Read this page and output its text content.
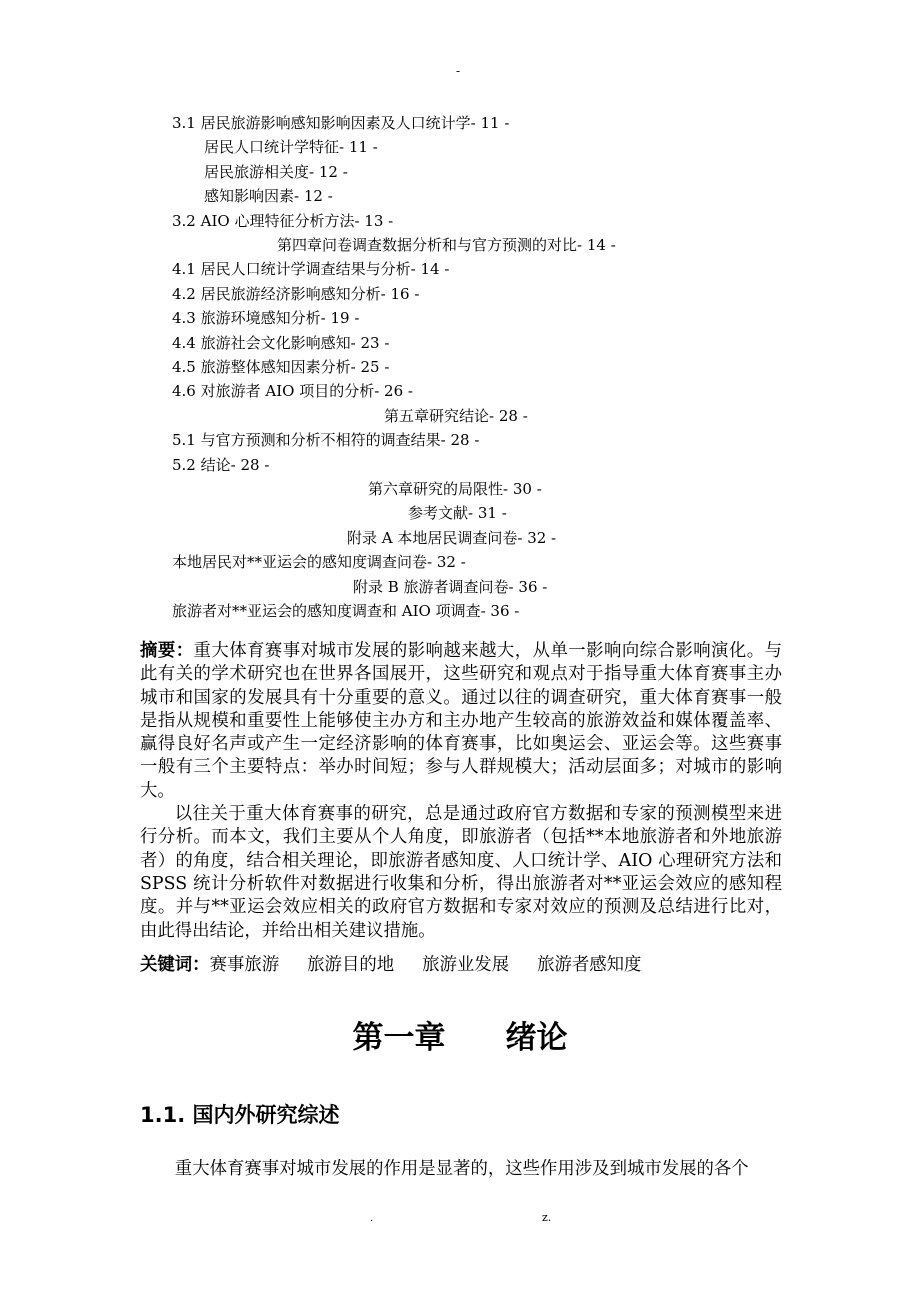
-
3.1 居民旅游影响感知影响因素及人口统计学- 11 -
居民人口统计学特征- 11 -
居民旅游相关度- 12 -
感知影响因素- 12 -
3.2 AIO 心理特征分析方法- 13 -
第四章问卷调查数据分析和与官方预测的对比- 14 -
4.1 居民人口统计学调查结果与分析- 14 -
4.2 居民旅游经济影响感知分析- 16 -
4.3 旅游环境感知分析- 19 -
4.4 旅游社会文化影响感知- 23 -
4.5 旅游整体感知因素分析- 25 -
4.6 对旅游者 AIO 项目的分析- 26 -
第五章研究结论- 28 -
5.1 与官方预测和分析不相符的调查结果- 28 -
5.2 结论- 28 -
第六章研究的局限性- 30 -
参考文献- 31 -
附录 A 本地居民调查问卷- 32 -
本地居民对**亚运会的感知度调查问卷- 32 -
附录 B 旅游者调查问卷- 36 -
旅游者对**亚运会的感知度调查和 AIO 项调查- 36 -

摘要：重大体育赛事对城市发展的影响越来越大，从单一影响向综合影响演化。与此有关的学术研究也在世界各国展开，这些研究和观点对于指导重大体育赛事主办城市和国家的发展具有十分重要的意义。通过以往的调查研究，重大体育赛事一般是指从规模和重要性上能够使主办方和主办地产生较高的旅游效益和媒体覆盖率、赢得良好名声或产生一定经济影响的体育赛事，比如奥运会、亚运会等。这些赛事一般有三个主要特点：举办时间短；参与人群规模大；活动层面多；对城市的影响大。

以往关于重大体育赛事的研究，总是通过政府官方数据和专家的预测模型来进行分析。而本文，我们主要从个人角度，即旅游者（包括**本地旅游者和外地旅游者）的角度，结合相关理论，即旅游者感知度、人口统计学、AIO 心理研究方法和 SPSS 统计分析软件对数据进行收集和分析，得出旅游者对**亚运会效应的感知程度。并与**亚运会效应相关的政府官方数据和专家对效应的预测及总结进行比对，由此得出结论，并给出相关建议措施。

关键词：赛事旅游 旅游目的地 旅游业发展 旅游者感知度
第一章 绪论
1.1. 国内外研究综述
重大体育赛事对城市发展的作用是显著的，这些作用涉及到城市发展的各个
.	z.
